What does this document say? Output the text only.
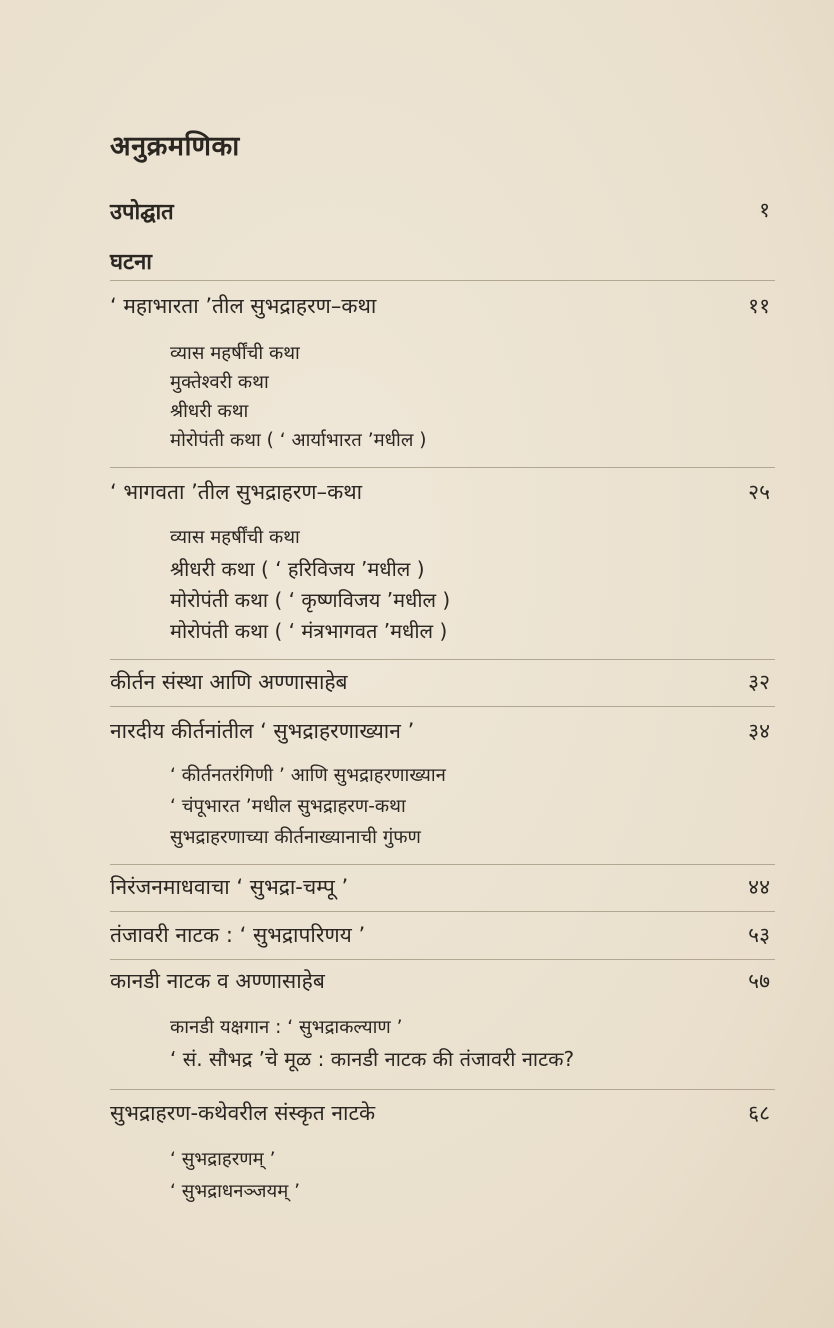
अनुक्रमणिका
उपोद्घात	१
घटना
‘ महाभारता ’तील सुभद्राहरण–कथा	११
व्यास महर्षींची कथा
मुक्तेश्वरी कथा
श्रीधरी कथा
मोरोपंती कथा ( ‘ आर्याभारत ’मधील )
‘ भागवता ’तील सुभद्राहरण–कथा	२५
व्यास महर्षींची कथा
श्रीधरी कथा ( ‘ हरिविजय ’मधील )
मोरोपंती कथा ( ‘ कृष्णविजय ’मधील )
मोरोपंती कथा ( ‘ मंत्रभागवत ’मधील )
कीर्तन संस्था आणि अण्णासाहेब	३२
नारदीय कीर्तनांतील ‘ सुभद्राहरणाख्यान ’	३४
‘ कीर्तनतरंगिणी ’ आणि सुभद्राहरणाख्यान
‘ चंपूभारत ’मधील सुभद्राहरण-कथा
सुभद्राहरणाच्या कीर्तनाख्यानाची गुंफण
निरंजनमाधवाचा ‘ सुभद्रा-चम्पू ’	४४
तंजावरी नाटक : ‘ सुभद्रापरिणय ’	५३
कानडी नाटक व अण्णासाहेब	५७
कानडी यक्षगान : ‘ सुभद्राकल्याण ’
‘ सं. सौभद्र ’चे मूळ : कानडी नाटक की तंजावरी नाटक?
सुभद्राहरण-कथेवरील संस्कृत नाटके	६८
‘ सुभद्राहरणम् ’
‘ सुभद्राधनञ्जयम् ’
